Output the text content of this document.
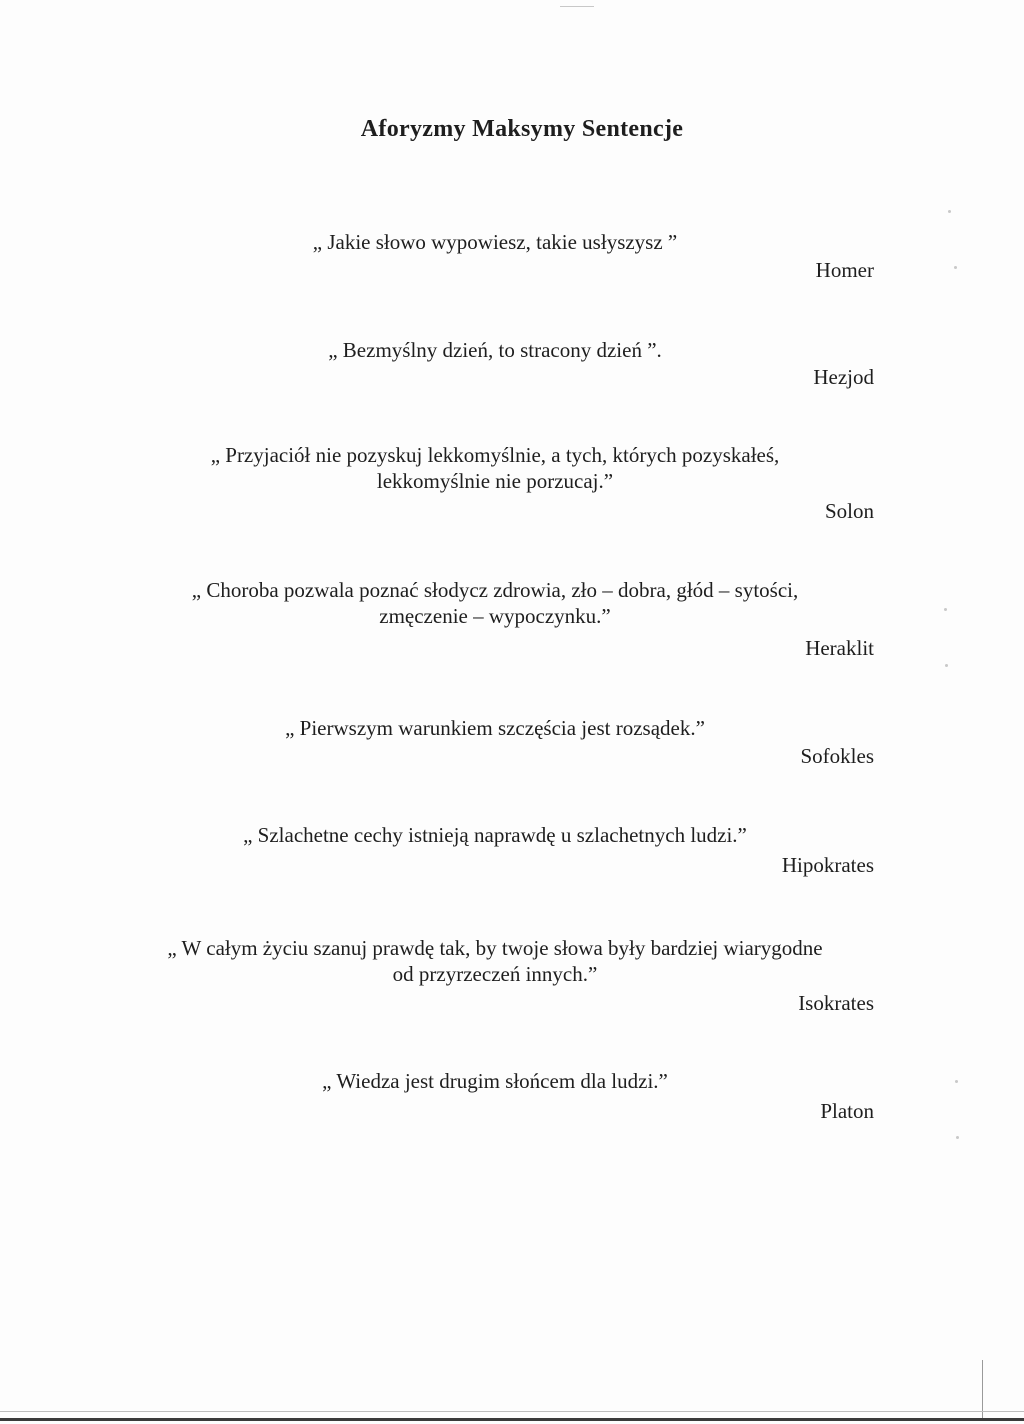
Aforyzmy Maksymy Sentencje
„ Jakie słowo wypowiesz, takie usłyszysz ”
Homer
„ Bezmyślny dzień, to stracony dzień ”.
Hezjod
„ Przyjaciół nie pozyskuj lekkomyślnie, a tych, których pozyskałeś,
lekkomyślnie nie porzucaj.”
Solon
„ Choroba pozwala poznać słodycz zdrowia, zło – dobra, głód – sytości,
zmęczenie – wypoczynku.”
Heraklit
„ Pierwszym warunkiem szczęścia jest rozsądek.”
Sofokles
„ Szlachetne cechy istnieją naprawdę u szlachetnych ludzi.”
Hipokrates
„ W całym życiu szanuj prawdę tak, by twoje słowa były bardziej wiarygodne
od przyrzeczeń innych.”
Isokrates
„ Wiedza jest drugim słońcem dla ludzi.”
Platon
